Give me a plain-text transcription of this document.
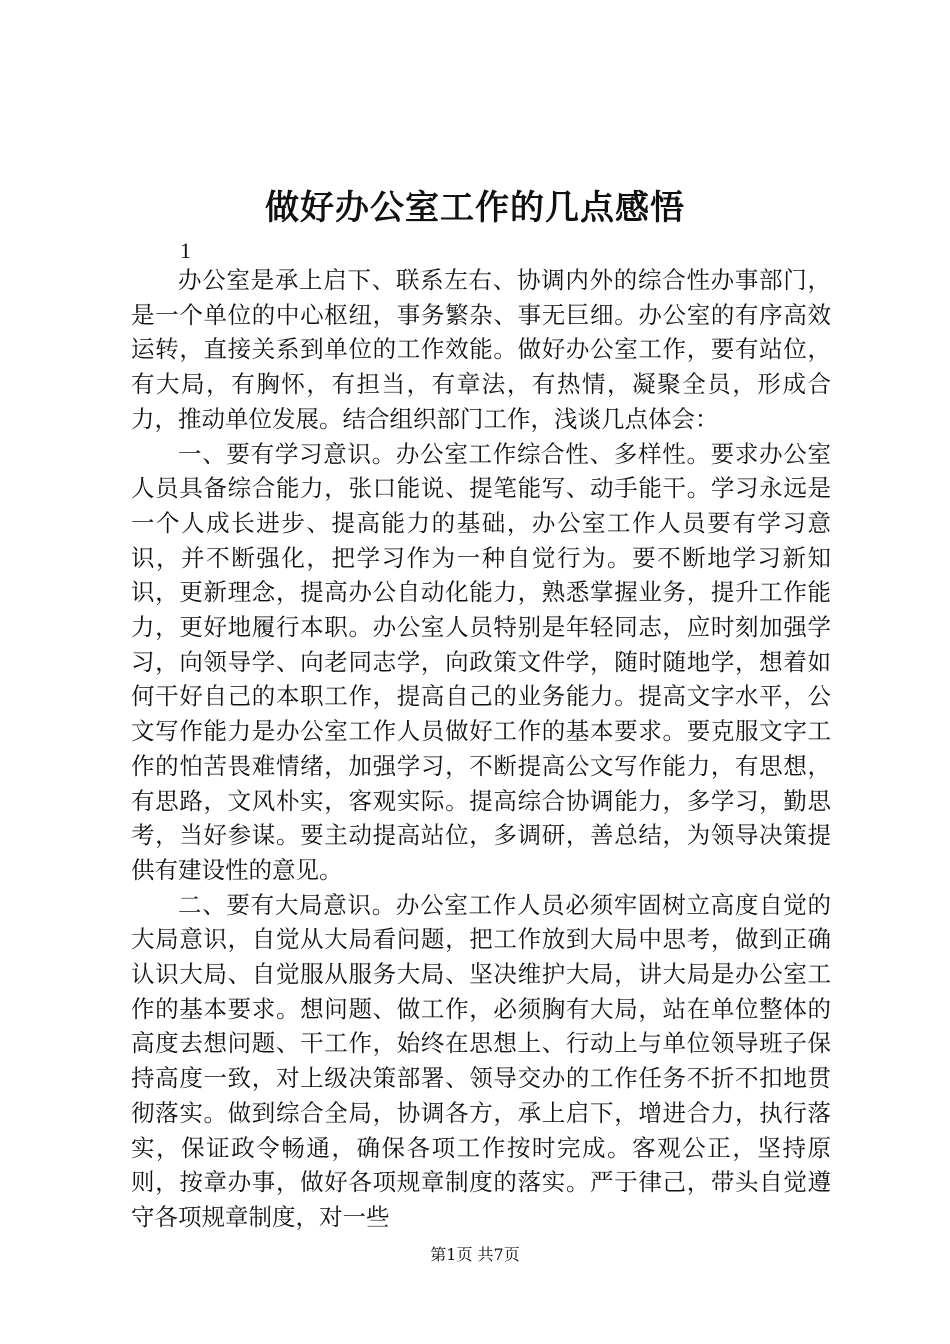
做好办公室工作的几点感悟
1

办公室是承上启下、联系左右、协调内外的综合性办事部门，是一个单位的中心枢纽，事务繁杂、事无巨细。办公室的有序高效运转，直接关系到单位的工作效能。做好办公室工作，要有站位，有大局，有胸怀，有担当，有章法，有热情，凝聚全员，形成合力，推动单位发展。结合组织部门工作，浅谈几点体会：

一、要有学习意识。办公室工作综合性、多样性。要求办公室人员具备综合能力，张口能说、提笔能写、动手能干。学习永远是一个人成长进步、提高能力的基础，办公室工作人员要有学习意识，并不断强化，把学习作为一种自觉行为。要不断地学习新知识，更新理念，提高办公自动化能力，熟悉掌握业务，提升工作能力，更好地履行本职。办公室人员特别是年轻同志，应时刻加强学习，向领导学、向老同志学，向政策文件学，随时随地学，想着如何干好自己的本职工作，提高自己的业务能力。提高文字水平，公文写作能力是办公室工作人员做好工作的基本要求。要克服文字工作的怕苦畏难情绪，加强学习，不断提高公文写作能力，有思想，有思路，文风朴实，客观实际。提高综合协调能力，多学习，勤思考，当好参谋。要主动提高站位，多调研，善总结，为领导决策提供有建设性的意见。

二、要有大局意识。办公室工作人员必须牢固树立高度自觉的大局意识，自觉从大局看问题，把工作放到大局中思考，做到正确认识大局、自觉服从服务大局、坚决维护大局，讲大局是办公室工作的基本要求。想问题、做工作，必须胸有大局，站在单位整体的高度去想问题、干工作，始终在思想上、行动上与单位领导班子保持高度一致，对上级决策部署、领导交办的工作任务不折不扣地贯彻落实。做到综合全局，协调各方，承上启下，增进合力，执行落实，保证政令畅通，确保各项工作按时完成。客观公正，坚持原则，按章办事，做好各项规章制度的落实。严于律己，带头自觉遵守各项规章制度，对一些

第1页 共7页
